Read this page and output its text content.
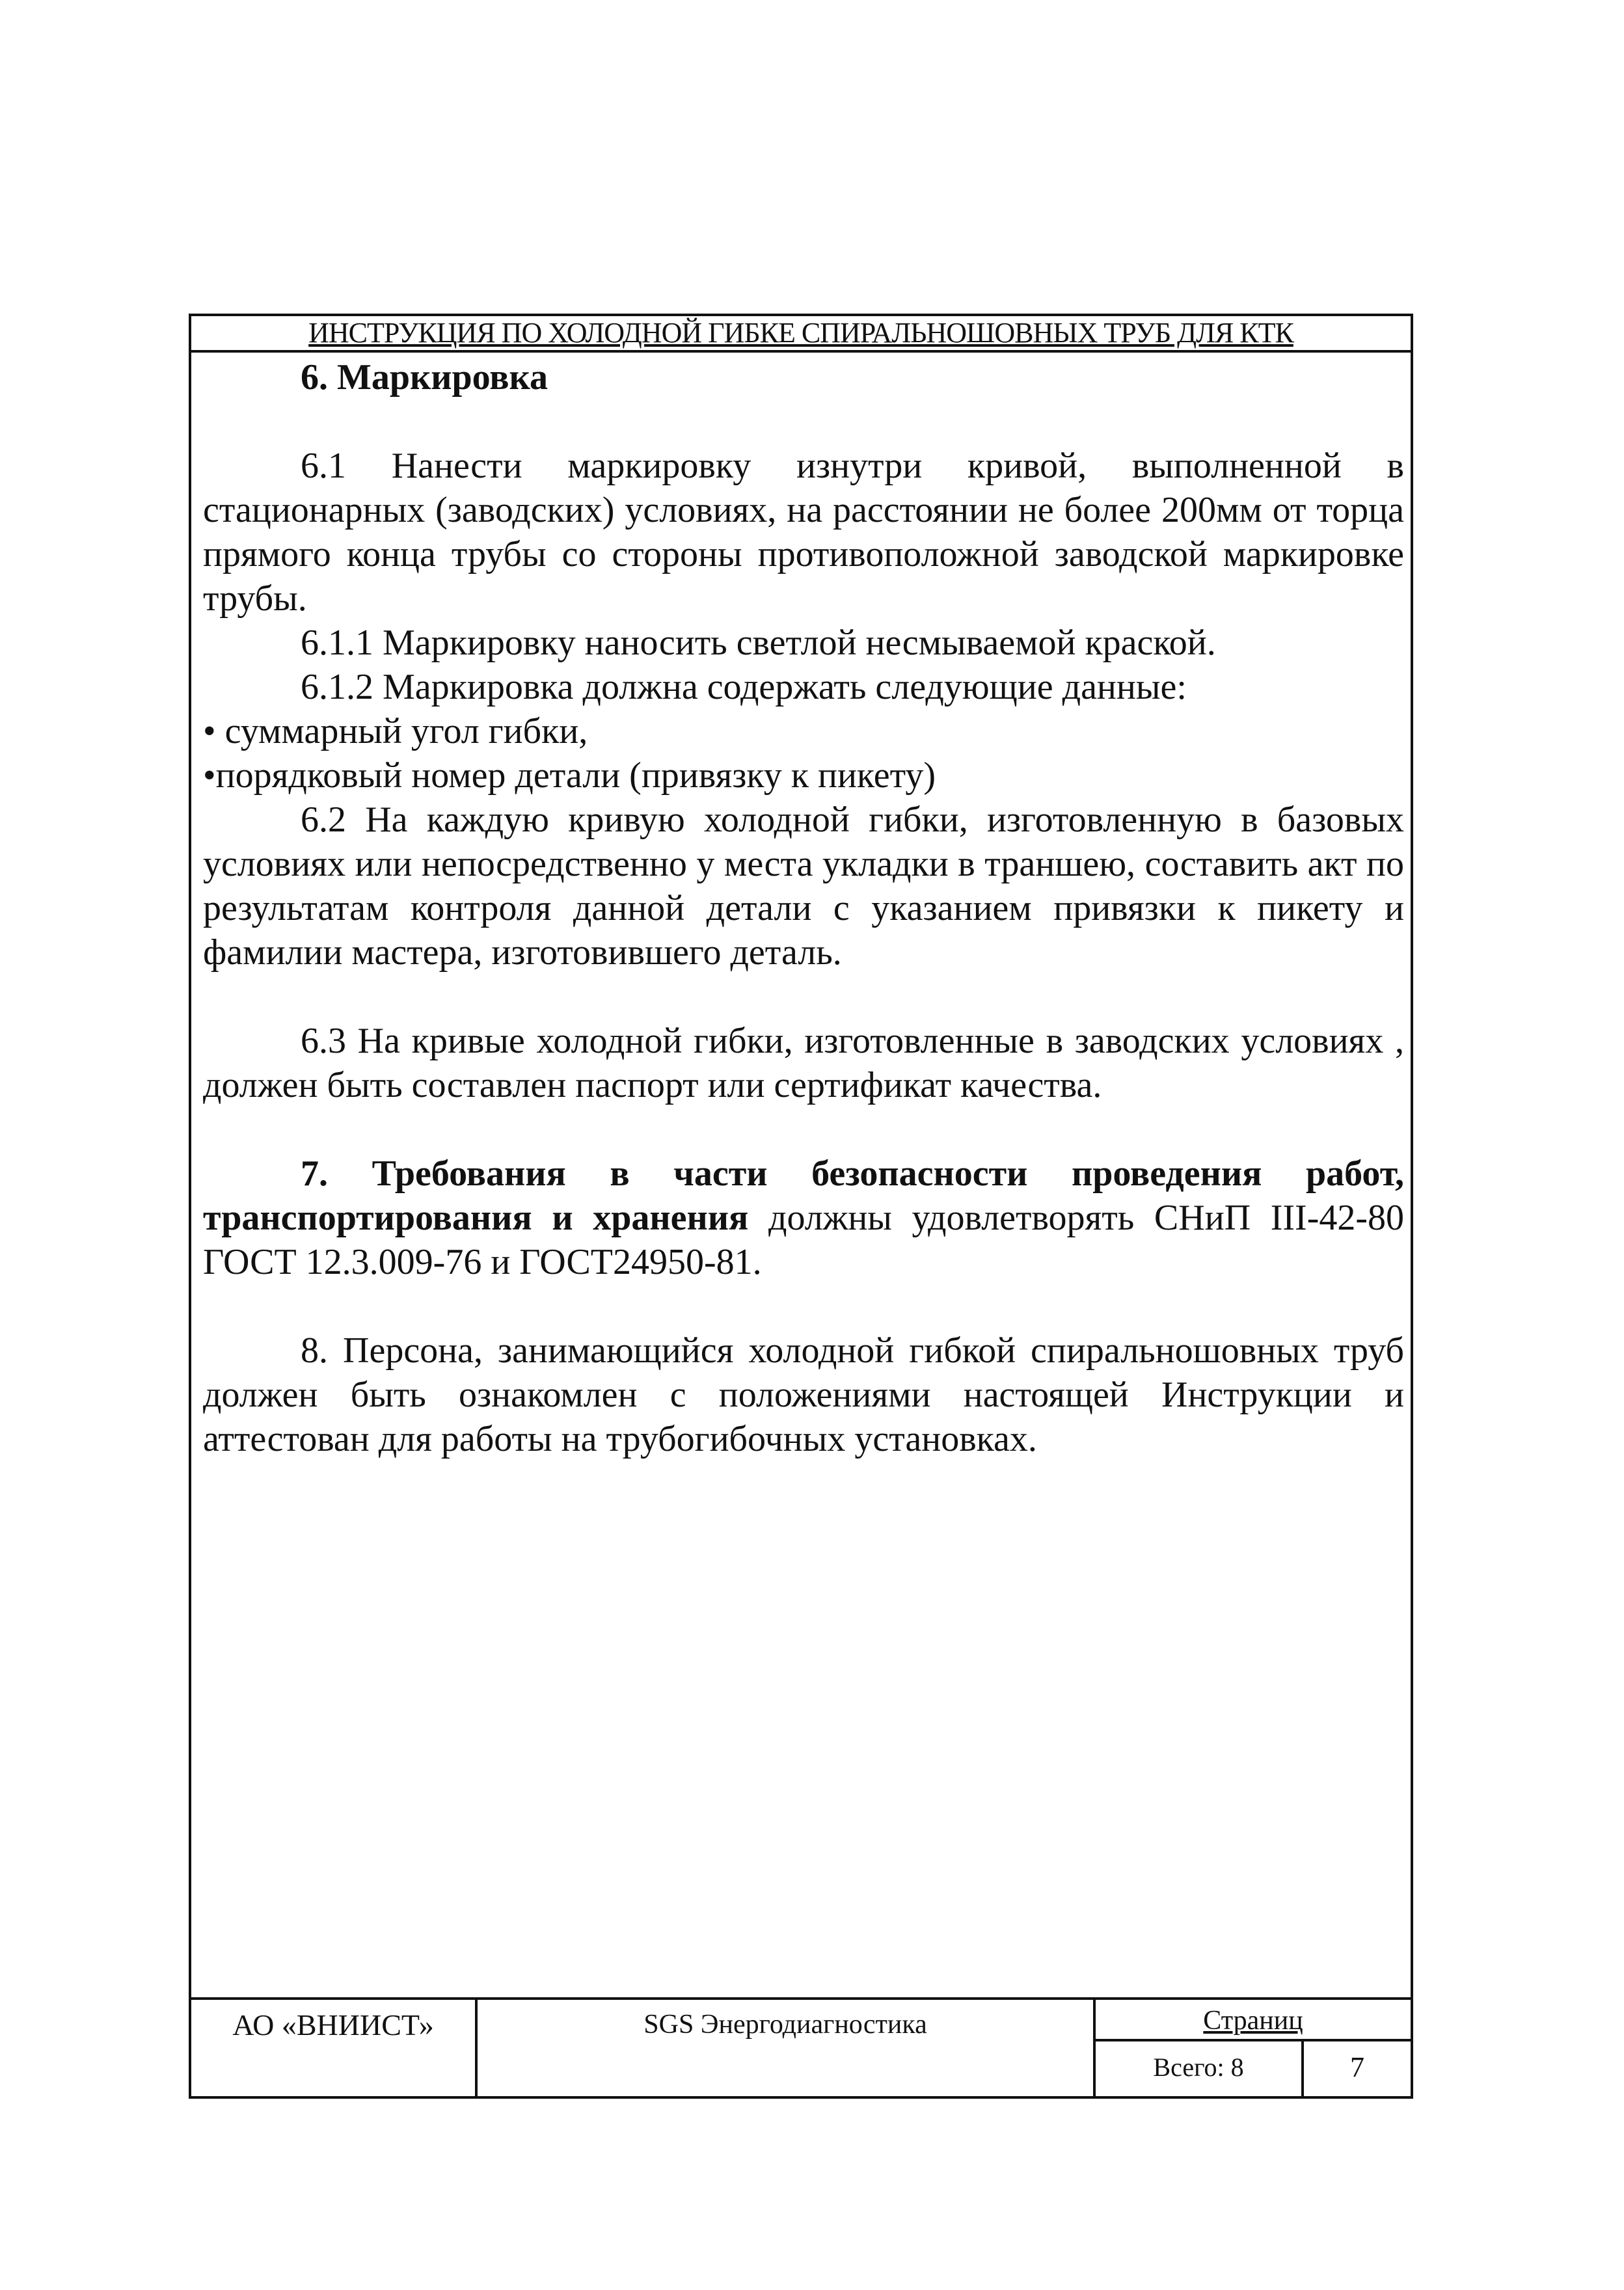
ИНСТРУКЦИЯ ПО ХОЛОДНОЙ ГИБКЕ СПИРАЛЬНОШОВНЫХ ТРУБ ДЛЯ КТК

6. Маркировка

6.1 Нанести маркировку изнутри кривой, выполненной в стационарных (заводских) условиях, на расстоянии не более 200мм от торца прямого конца трубы со стороны противоположной заводской маркировке трубы.

6.1.1 Маркировку наносить светлой несмываемой краской.

6.1.2 Маркировка должна содержать следующие данные:

• суммарный угол гибки,

•порядковый номер детали (привязку к пикету)

6.2 На каждую кривую холодной гибки, изготовленную в базовых условиях или непосредственно у места укладки в траншею, составить акт по результатам контроля данной детали с указанием привязки к пикету и фамилии мастера, изготовившего деталь.

6.3 На кривые холодной гибки, изготовленные в заводских условиях , должен быть составлен паспорт или сертификат качества.

7. Требования в части безопасности проведения работ, транспортирования и хранения должны удовлетворять СНиП III-42-80 ГОСТ 12.3.009-76 и ГОСТ24950-81.

8. Персона, занимающийся холодной гибкой спиральношовных труб должен быть ознакомлен с положениями настоящей Инструкции и аттестован для работы на трубогибочных установках.

АО «ВНИИСТ»	SGS Энергодиагностика	Страниц
Всего: 8	7
